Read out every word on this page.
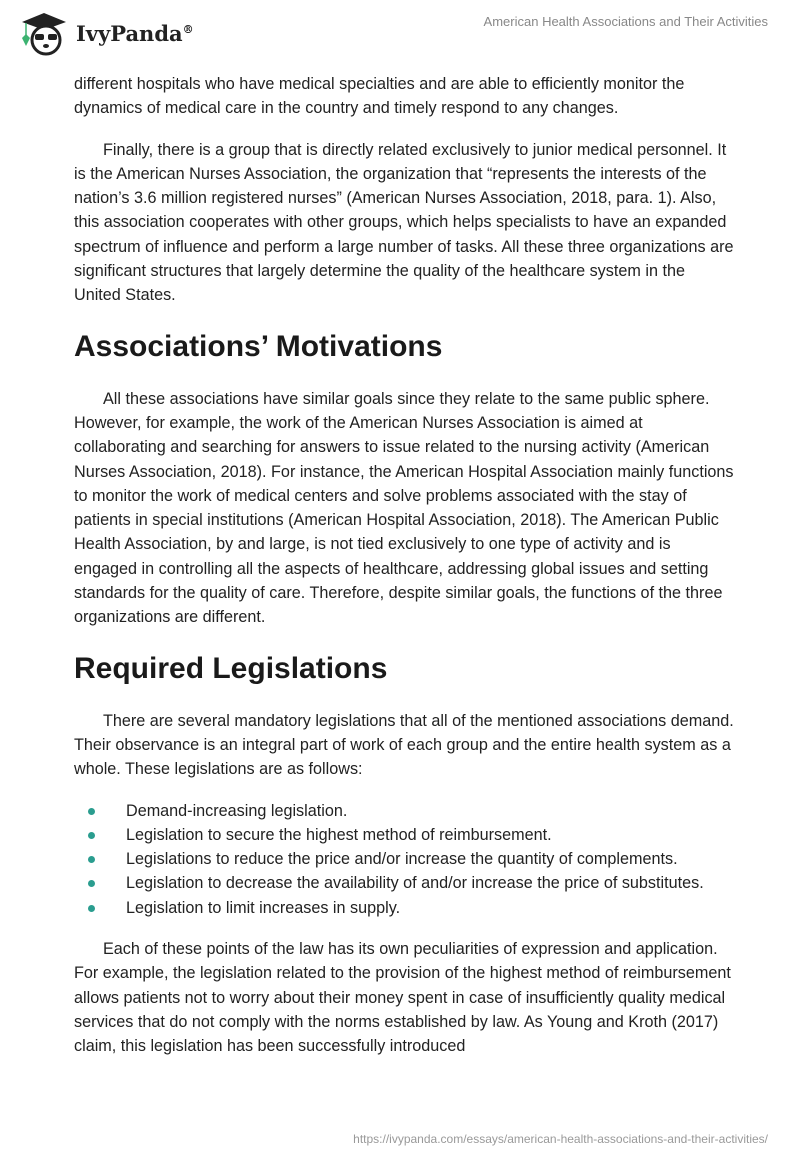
IvyPanda®	American Health Associations and Their Activities

different hospitals who have medical specialties and are able to efficiently monitor the dynamics of medical care in the country and timely respond to any changes.

Finally, there is a group that is directly related exclusively to junior medical personnel. It is the American Nurses Association, the organization that “represents the interests of the nation’s 3.6 million registered nurses” (American Nurses Association, 2018, para. 1). Also, this association cooperates with other groups, which helps specialists to have an expanded spectrum of influence and perform a large number of tasks. All these three organizations are significant structures that largely determine the quality of the healthcare system in the United States.

Associations’ Motivations

All these associations have similar goals since they relate to the same public sphere. However, for example, the work of the American Nurses Association is aimed at collaborating and searching for answers to issue related to the nursing activity (American Nurses Association, 2018). For instance, the American Hospital Association mainly functions to monitor the work of medical centers and solve problems associated with the stay of patients in special institutions (American Hospital Association, 2018). The American Public Health Association, by and large, is not tied exclusively to one type of activity and is engaged in controlling all the aspects of healthcare, addressing global issues and setting standards for the quality of care. Therefore, despite similar goals, the functions of the three organizations are different.

Required Legislations

There are several mandatory legislations that all of the mentioned associations demand. Their observance is an integral part of work of each group and the entire health system as a whole. These legislations are as follows:

Demand-increasing legislation.
Legislation to secure the highest method of reimbursement.
Legislations to reduce the price and/or increase the quantity of complements.
Legislation to decrease the availability of and/or increase the price of substitutes.
Legislation to limit increases in supply.

Each of these points of the law has its own peculiarities of expression and application. For example, the legislation related to the provision of the highest method of reimbursement allows patients not to worry about their money spent in case of insufficiently quality medical services that do not comply with the norms established by law. As Young and Kroth (2017) claim, this legislation has been successfully introduced

https://ivypanda.com/essays/american-health-associations-and-their-activities/
